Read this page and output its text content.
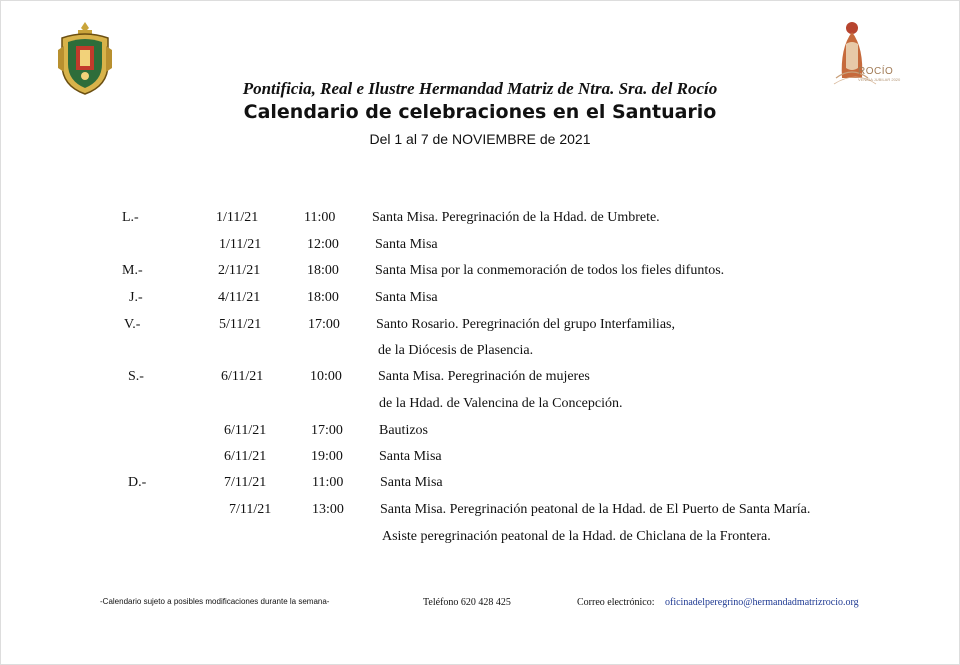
ROCÍO
VENIDA JUBILAR 2020
Pontificia, Real e Ilustre Hermandad Matriz de Ntra. Sra. del Rocío
Calendario de celebraciones en el Santuario
Del 1 al 7 de NOVIEMBRE de 2021
L.-	1/11/21	11:00	Santa Misa. Peregrinación de la Hdad. de Umbrete.
1/11/21	12:00	Santa Misa
M.-	2/11/21	18:00	Santa Misa por la conmemoración de todos los fieles difuntos.
J.-	4/11/21	18:00	Santa Misa
V.-	5/11/21	17:00	Santo Rosario. Peregrinación del grupo Interfamilias,
de la Diócesis de Plasencia.
S.-	6/11/21	10:00	Santa Misa. Peregrinación de mujeres
de la Hdad. de Valencina de la Concepción.
6/11/21	17:00	Bautizos
6/11/21	19:00	Santa Misa
D.-	7/11/21	11:00	Santa Misa
7/11/21	13:00	Santa Misa. Peregrinación peatonal de la Hdad. de El Puerto de Santa María.
Asiste peregrinación peatonal de la Hdad. de Chiclana de la Frontera.
-Calendario sujeto a posibles modificaciones durante la semana-	Teléfono 620 428 425	Correo electrónico: oficinadelperegrino@hermandadmatrizrocio.org
